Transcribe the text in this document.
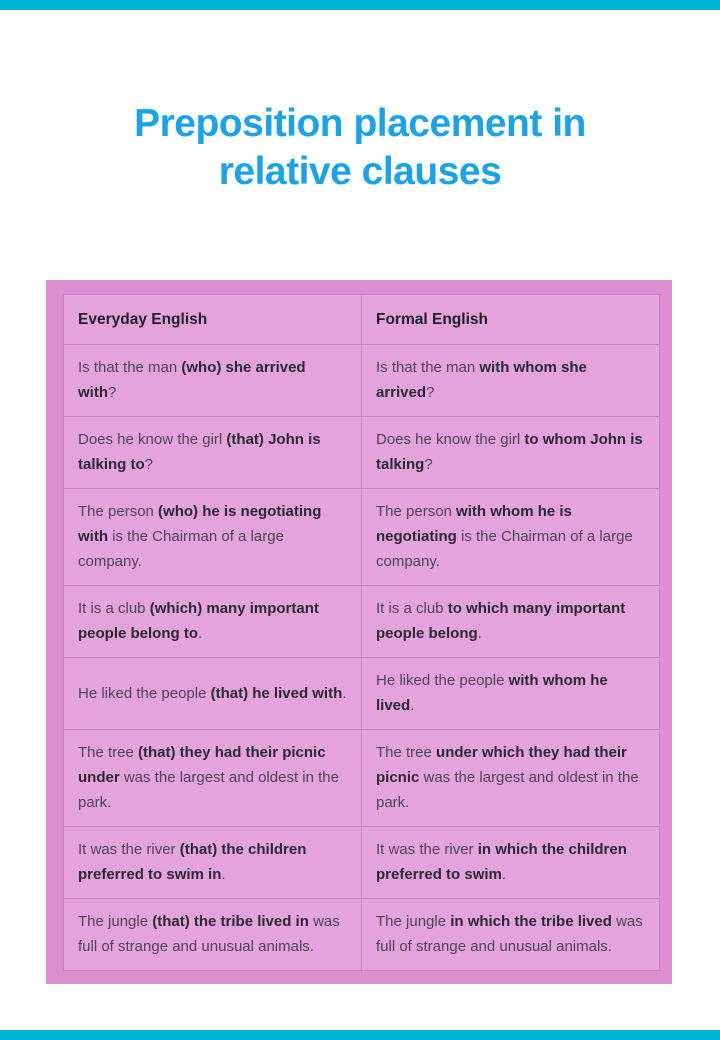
Preposition placement in relative clauses
Everyday English	Formal English
Is that the man (who) she arrived with?	Is that the man with whom she arrived?
Does he know the girl (that) John is talking to?	Does he know the girl to whom John is talking?
The person (who) he is negotiating with is the Chairman of a large company.	The person with whom he is negotiating is the Chairman of a large company.
It is a club (which) many important people belong to.	It is a club to which many important people belong.
He liked the people (that) he lived with.	He liked the people with whom he lived.
The tree (that) they had their picnic under was the largest and oldest in the park.	The tree under which they had their picnic was the largest and oldest in the park.
It was the river (that) the children preferred to swim in.	It was the river in which the children preferred to swim.
The jungle (that) the tribe lived in was full of strange and unusual animals.	The jungle in which the tribe lived was full of strange and unusual animals.
